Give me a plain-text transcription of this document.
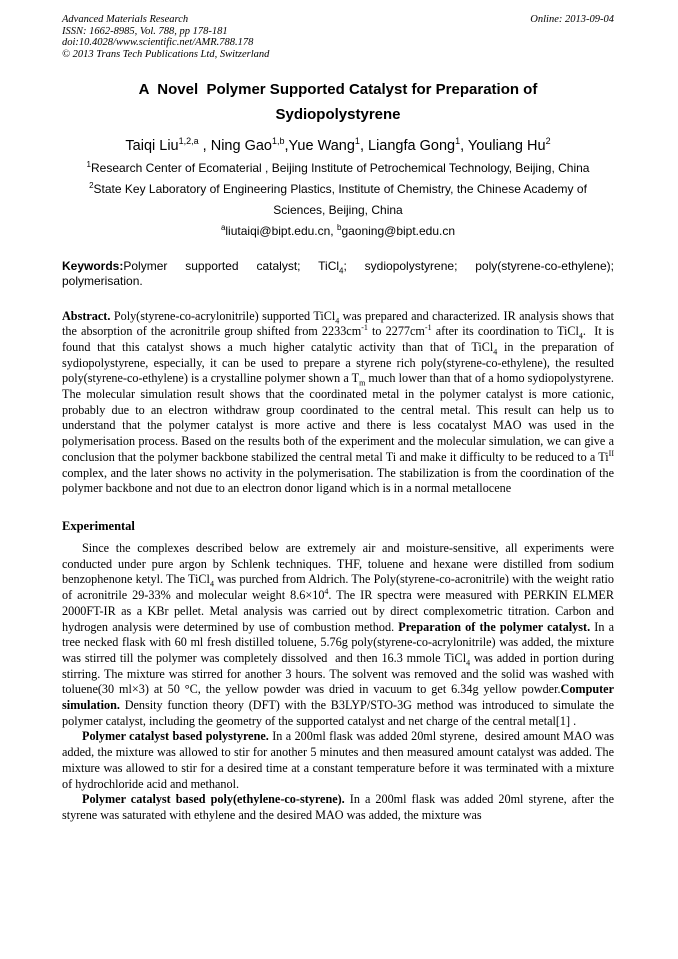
Advanced Materials Research	Online: 2013-09-04
ISSN: 1662-8985, Vol. 788, pp 178-181
doi:10.4028/www.scientific.net/AMR.788.178
© 2013 Trans Tech Publications Ltd, Switzerland
A  Novel  Polymer Supported Catalyst for Preparation of
Sydiopolystyrene
Taiqi Liu$^{1,2,a}$ , Ning Gao$^{1,b}$,Yue Wang$^1$, Liangfa Gong$^1$, Youliang Hu$^2$
$^1$Research Center of Ecomaterial , Beijing Institute of Petrochemical Technology, Beijing, China
$^2$State Key Laboratory of Engineering Plastics, Institute of Chemistry, the Chinese Academy of
Sciences, Beijing, China
$^a$liutaiqi@bipt.edu.cn, $^b$gaoning@bipt.edu.cn
Keywords:Polymer supported catalyst; TiCl$_4$; sydiopolystyrene; poly(styrene-co-ethylene); polymerisation.

Abstract. Poly(styrene-co-acrylonitrile) supported TiCl$_4$ was prepared and characterized. IR analysis shows that the absorption of the acronitrile group shifted from $2233cm^{-1}$ to $2277cm^{-1}$ after its coordination to TiCl$_4$.  It is found that this catalyst shows a much higher catalytic activity than that of TiCl$_4$ in the preparation of sydiopolystyrene, especially, it can be used to prepare a styrene rich poly(styrene-co-ethylene), the resulted poly(styrene-co-ethylene) is a crystalline polymer shown a $T_m$ much lower than that of a homo sydiopolystyrene. The molecular simulation result shows that the coordinated metal in the polymer catalyst is more cationic, probably due to an electron withdraw group coordinated to the central metal. This result can help us to understand that the polymer catalyst is more active and there is less cocatalyst MAO was used in the polymerisation process. Based on the results both of the experiment and the molecular simulation, we can give a conclusion that the polymer backbone stabilized the central metal Ti and make it difficulty to be reduced to a $Ti^{II}$ complex, and the later shows no activity in the polymerisation. The stabilization is from the coordination of the polymer backbone and not due to an electron donor ligand which is in a normal metallocene

Experimental

Since the complexes described below are extremely air and moisture-sensitive, all experiments were conducted under pure argon by Schlenk techniques. THF, toluene and hexane were distilled from sodium benzophenone ketyl. The TiCl$_4$ was purched from Aldrich. The Poly(styrene-co-acronitrile) with the weight ratio of acronitrile 29-33% and molecular weight $8.6\times 10^4$. The IR spectra were measured with PERKIN ELMER 2000FT-IR as a KBr pellet. Metal analysis was carried out by direct complexometric titration. Carbon and hydrogen analysis were determined by use of combustion method. Preparation of the polymer catalyst. In a tree necked flask with 60 ml fresh distilled toluene, 5.76g poly(styrene-co-acrylonitrile) was added, the mixture was stirred till the polymer was completely dissolved  and then 16.3 mmole TiCl$_4$ was added in portion during stirring. The mixture was stirred for another 3 hours. The solvent was removed and the solid was washed with toluene(30 ml×3) at 50 °C, the yellow powder was dried in vacuum to get 6.34g yellow powder.Computer simulation. Density function theory (DFT) with the B3LYP/STO-3G method was introduced to simulate the polymer catalyst, including the geometry of the supported catalyst and net charge of the central metal[1] .

Polymer catalyst based polystyrene. In a 200ml flask was added 20ml styrene,  desired amount MAO was added, the mixture was allowed to stir for another 5 minutes and then measured amount catalyst was added. The mixture was allowed to stir for a desired time at a constant temperature before it was terminated with a mixture of hydrochloride acid and methanol.

Polymer catalyst based poly(ethylene-co-styrene). In a 200ml flask was added 20ml styrene, after the styrene was saturated with ethylene and the desired MAO was added, the mixture was
